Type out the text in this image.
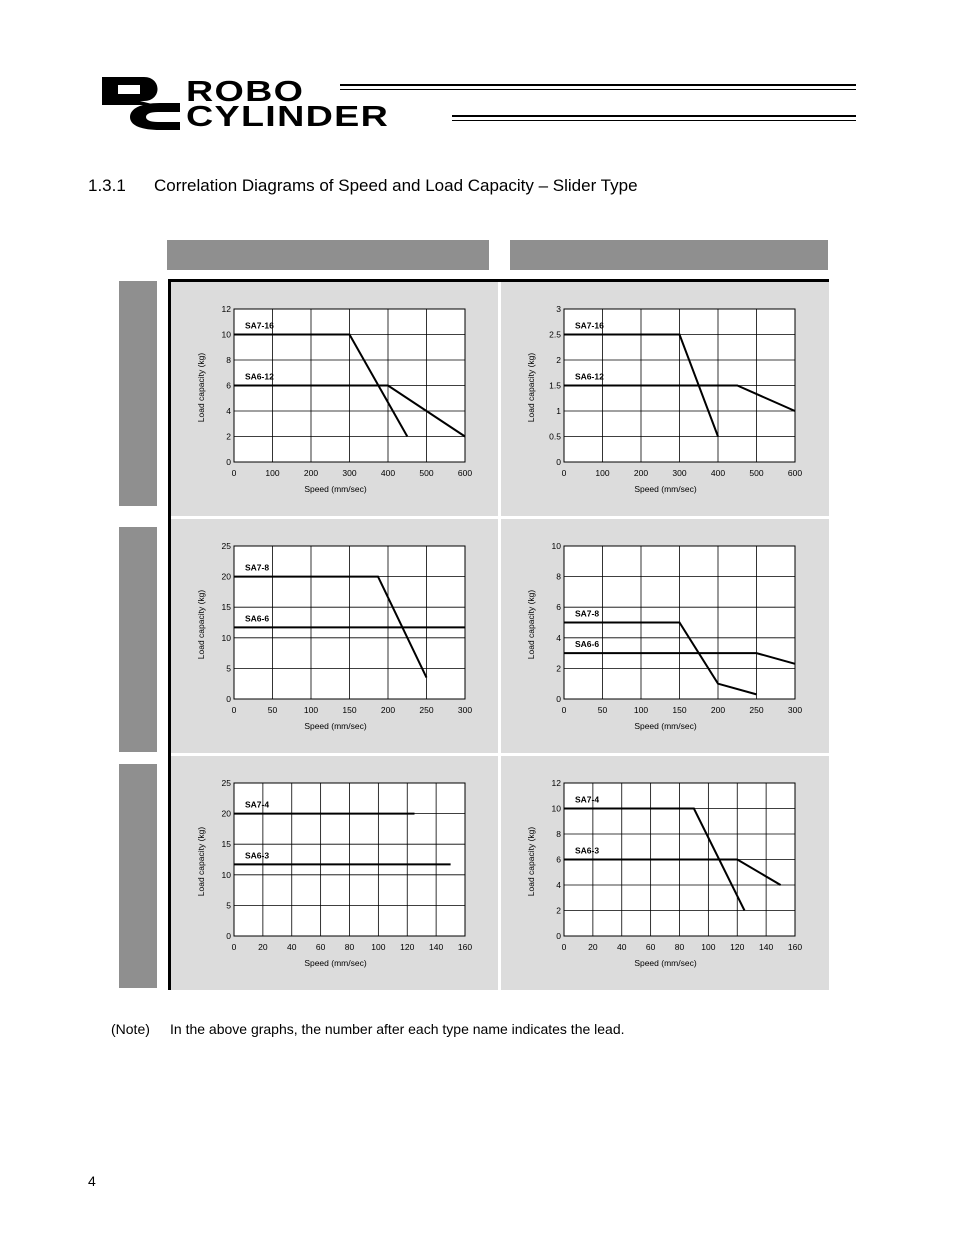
ROBO
CYLINDER
1.3.1 Correlation Diagrams of Speed and Load Capacity – Slider Type
0	100	200	300	400	500	600
0
2
4
6
8
10
12
Speed (mm/sec)
Load capacity (kg)
SA7-16
SA6-12
0	100	200	300	400	500	600
0
0.5
1
1.5
2
2.5
3
Speed (mm/sec)
Load capacity (kg)
SA7-16
SA6-12
0	50	100	150	200	250	300
0
5
10
15
20
25
Speed (mm/sec)
Load capacity (kg)
SA7-8
SA6-6
0	50	100	150	200	250	300
0
2
4
6
8
10
Speed (mm/sec)
Load capacity (kg)	SA7-8
SA6-6
0	20 40 60 80 100 120 140 160
0
5
10
15
20
25
Speed (mm/sec)
Load capacity (kg)
SA7-4
SA6-3
0	20 40 60 80 100 120 140 160
0
2
4
6
8
10
12
Speed (mm/sec)
Load capacity (kg)
SA7-4
SA6-3
(Note) In the above graphs, the number after each type name indicates the lead.
4
